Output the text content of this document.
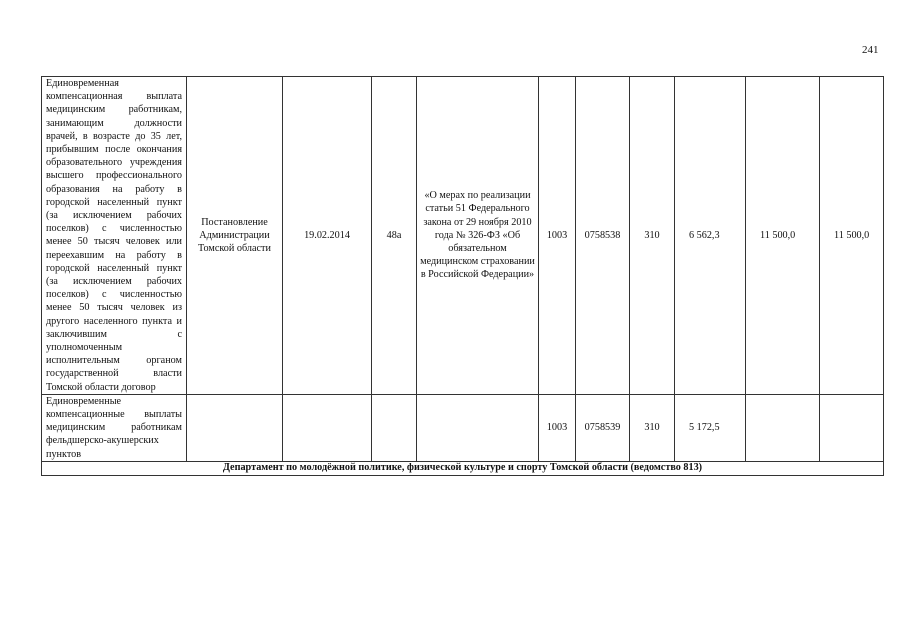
241
Единовременная компенсационная выплата медицинским работникам, занимающим должности врачей, в возрасте до 35 лет, прибывшим после окончания образовательного учреждения высшего профессионального образования на работу в городской населенный пункт (за исключением рабочих поселков) с численностью менее 50 тысяч человек или переехавшим на работу в городской населенный пункт (за исключением рабочих поселков) с численностью менее 50 тысяч человек из другого населенного пункта и заключившим с уполномоченным исполнительным органом государственной власти Томской области договор	Постановление Администрации Томской области	19.02.2014	48а	«О мерах по реализации статьи 51 Федерального закона от 29 ноября 2010 года № 326-ФЗ «Об обязательном медицинском страховании в Российской Федерации»	1003	0758538	310	6 562,3	11 500,0	11 500,0
Единовременные компенсационные выплаты медицинским работникам фельдшерско-акушерских пунктов					1003	0758539	310	5 172,5		
Департамент по молодёжной политике, физической культуре и спорту Томской области (ведомство 813)										
